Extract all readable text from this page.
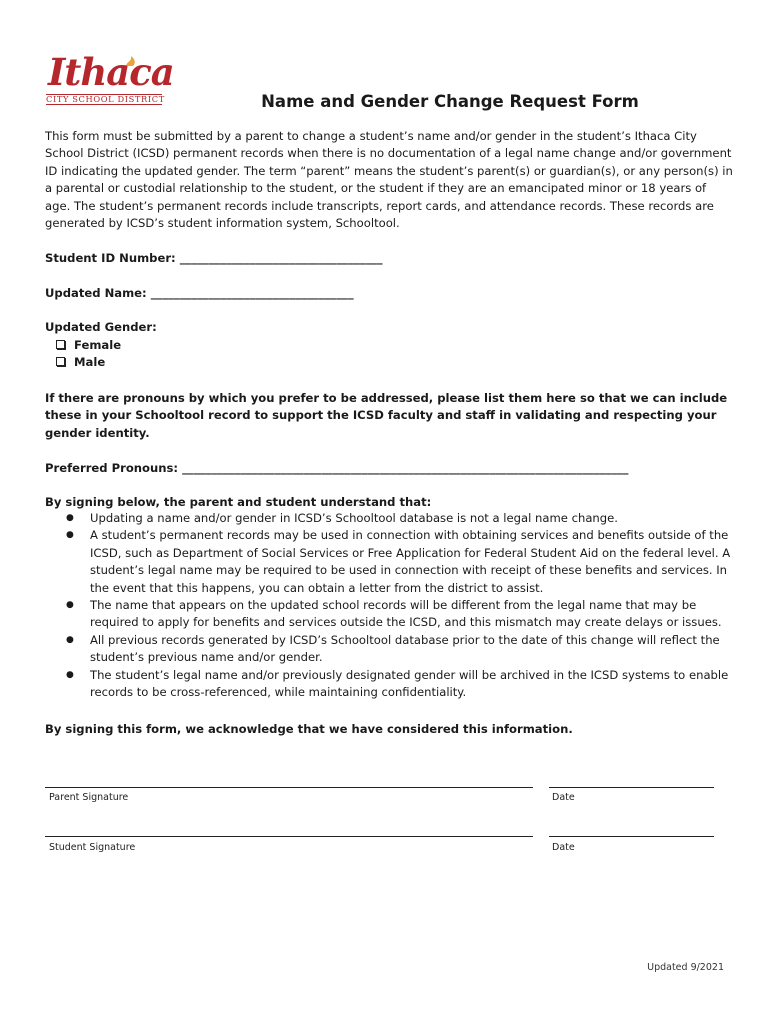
Ithaca
CITY SCHOOL DISTRICT	Name and Gender Change Request Form
This form must be submitted by a parent to change a student’s name and/or gender in the student’s Ithaca City School District (ICSD) permanent records when there is no documentation of a legal name change and/or government ID indicating the updated gender. The term “parent” means the student’s parent(s) or guardian(s), or any person(s) in a parental or custodial relationship to the student, or the student if they are an emancipated minor or 18 years of age. The student’s permanent records include transcripts, report cards, and attendance records. These records are generated by ICSD’s student information system, Schooltool.
Student ID Number: ___________________________________
Updated Name: ___________________________________
Updated Gender:
Female
Male
If there are pronouns by which you prefer to be addressed, please list them here so that we can include these in your Schooltool record to support the ICSD faculty and staff in validating and respecting your gender identity.
Preferred Pronouns: _____________________________________________________________________________
By signing below, the parent and student understand that:
● Updating a name and/or gender in ICSD’s Schooltool database is not a legal name change.
● A student’s permanent records may be used in connection with obtaining services and benefits outside of the ICSD, such as Department of Social Services or Free Application for Federal Student Aid on the federal level. A student’s legal name may be required to be used in connection with receipt of these benefits and services. In the event that this happens, you can obtain a letter from the district to assist.
● The name that appears on the updated school records will be different from the legal name that may be required to apply for benefits and services outside the ICSD, and this mismatch may create delays or issues.
● All previous records generated by ICSD’s Schooltool database prior to the date of this change will reflect the student’s previous name and/or gender.
● The student’s legal name and/or previously designated gender will be archived in the ICSD systems to enable records to be cross-referenced, while maintaining confidentiality.
By signing this form, we acknowledge that we have considered this information.
Parent Signature	Date
Student Signature	Date
Updated 9/2021
